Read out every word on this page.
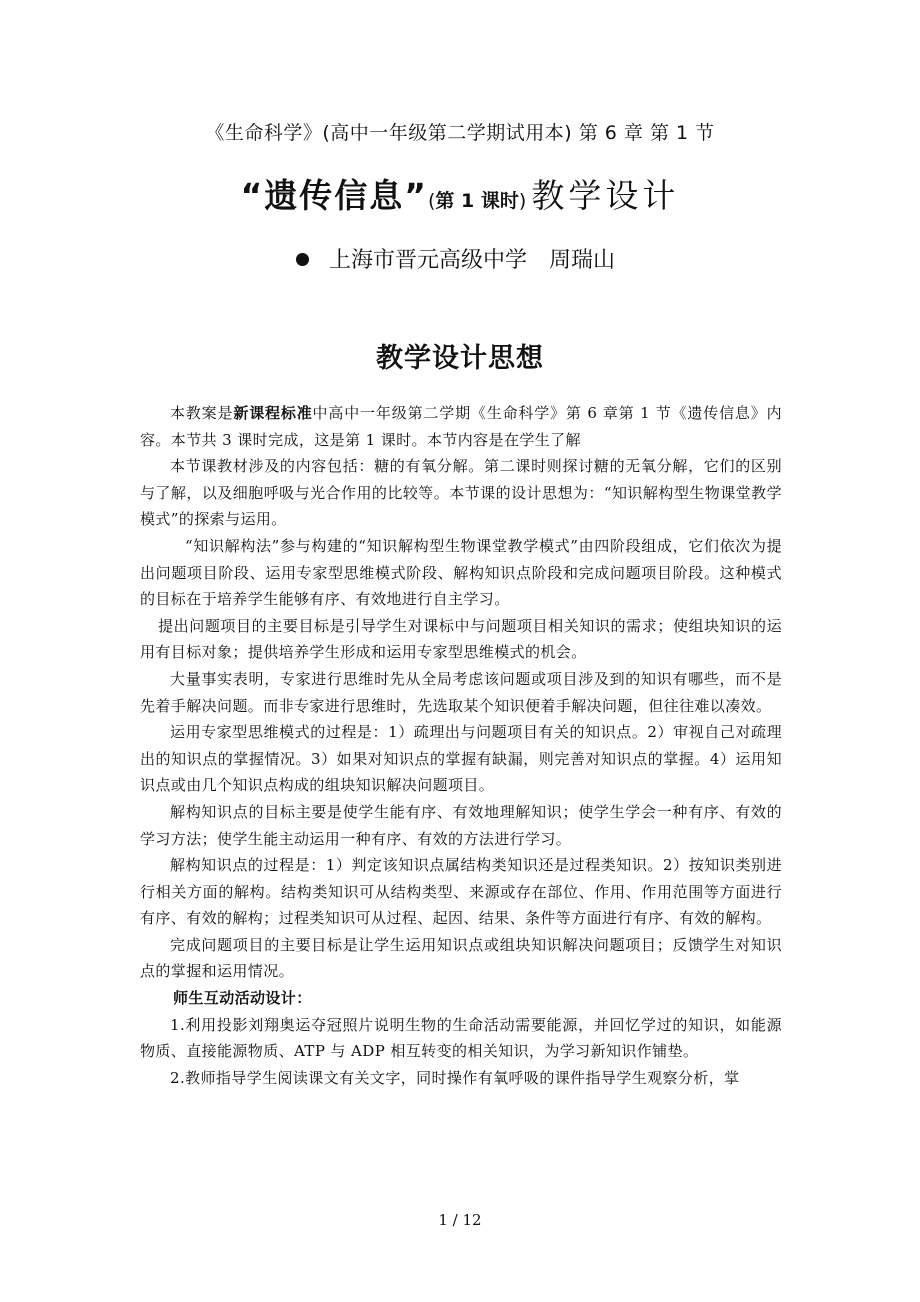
《生命科学》(高中一年级第二学期试用本) 第 6 章 第 1 节
“遗传信息”(第 1 课时) 教学设计
上海市晋元高级中学　周瑞山
教学设计思想

本教案是新课程标准中高中一年级第二学期《生命科学》第 6 章第 1 节《遗传信息》内容。本节共 3 课时完成，这是第 1 课时。本节内容是在学生了解

本节课教材涉及的内容包括：糖的有氧分解。第二课时则探讨糖的无氧分解，它们的区别与了解，以及细胞呼吸与光合作用的比较等。本节课的设计思想为：“知识解构型生物课堂教学模式”的探索与运用。

“知识解构法”参与构建的“知识解构型生物课堂教学模式”由四阶段组成，它们依次为提出问题项目阶段、运用专家型思维模式阶段、解构知识点阶段和完成问题项目阶段。这种模式的目标在于培养学生能够有序、有效地进行自主学习。

提出问题项目的主要目标是引导学生对课标中与问题项目相关知识的需求；使组块知识的运用有目标对象；提供培养学生形成和运用专家型思维模式的机会。

大量事实表明，专家进行思维时先从全局考虑该问题或项目涉及到的知识有哪些，而不是先着手解决问题。而非专家进行思维时，先选取某个知识便着手解决问题，但往往难以凑效。

运用专家型思维模式的过程是：1）疏理出与问题项目有关的知识点。2）审视自己对疏理出的知识点的掌握情况。3）如果对知识点的掌握有缺漏，则完善对知识点的掌握。4）运用知识点或由几个知识点构成的组块知识解决问题项目。

解构知识点的目标主要是使学生能有序、有效地理解知识；使学生学会一种有序、有效的学习方法；使学生能主动运用一种有序、有效的方法进行学习。

解构知识点的过程是：1）判定该知识点属结构类知识还是过程类知识。2）按知识类别进行相关方面的解构。结构类知识可从结构类型、来源或存在部位、作用、作用范围等方面进行有序、有效的解构；过程类知识可从过程、起因、结果、条件等方面进行有序、有效的解构。

完成问题项目的主要目标是让学生运用知识点或组块知识解决问题项目；反馈学生对知识点的掌握和运用情况。

师生互动活动设计：

1.利用投影刘翔奥运夺冠照片说明生物的生命活动需要能源，并回忆学过的知识，如能源物质、直接能源物质、ATP 与 ADP 相互转变的相关知识，为学习新知识作铺垫。

2.教师指导学生阅读课文有关文字，同时操作有氧呼吸的课件指导学生观察分析，掌

1 / 12
